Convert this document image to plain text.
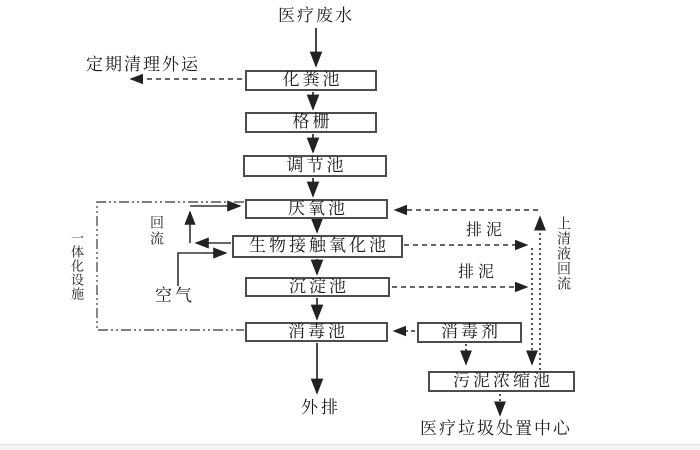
化粪池
格栅
调节池
厌氧池
生物接触氧化池
沉淀池
消毒池	消毒剂
污泥浓缩池
医疗废水
定期清理外运
回流
空气
一体化设施
排泥
排泥	上清液回流
外排
医疗垃圾处置中心
